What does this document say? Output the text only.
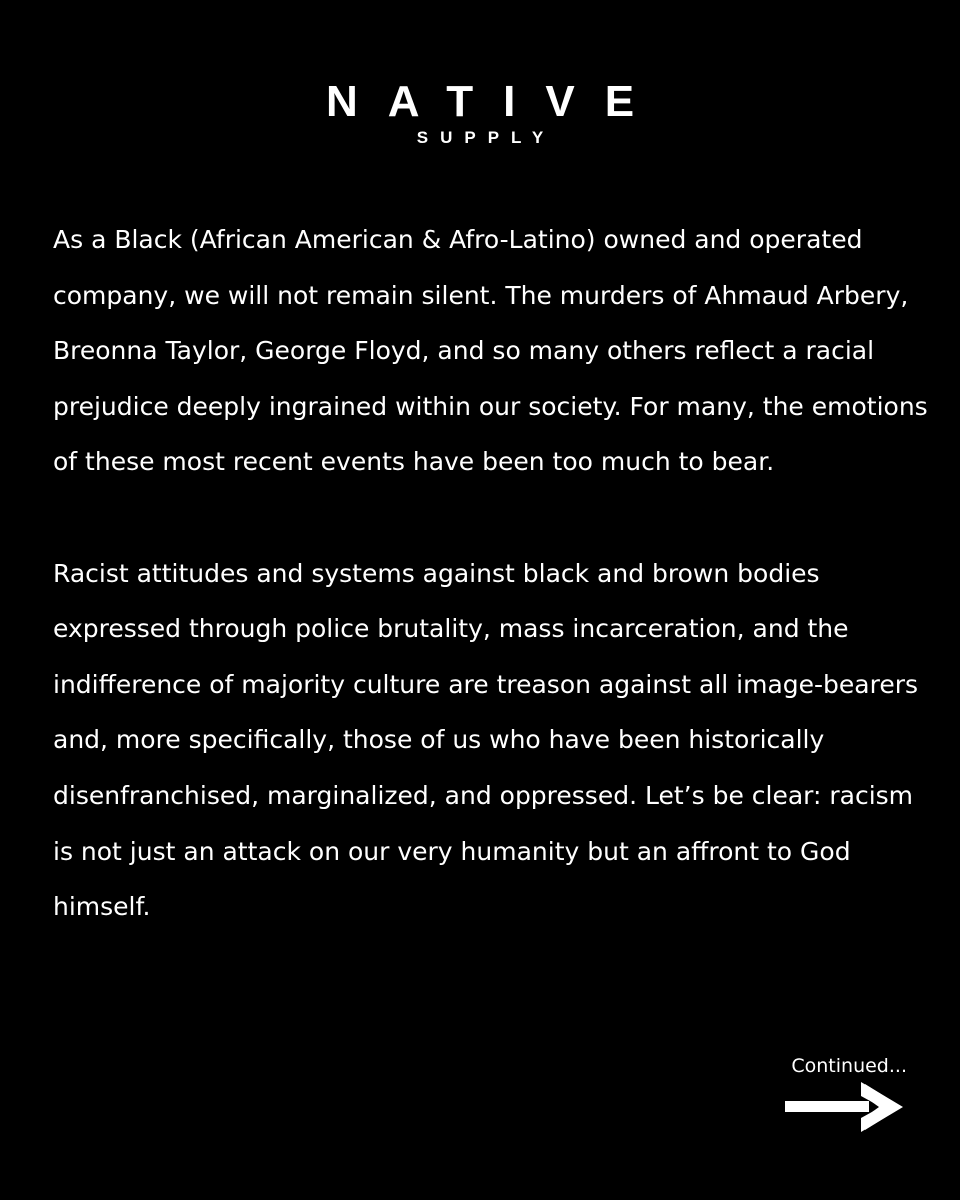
NATIVE
SUPPLY

As a Black (African American & Afro-Latino) owned and operated company, we will not remain silent. The murders of Ahmaud Arbery, Breonna Taylor, George Floyd, and so many others reflect a racial prejudice deeply ingrained within our society. For many, the emotions of these most recent events have been too much to bear.

Racist attitudes and systems against black and brown bodies expressed through police brutality, mass incarceration, and the indifference of majority culture are treason against all image-bearers and, more specifically, those of us who have been historically disenfranchised, marginalized, and oppressed. Let’s be clear: racism is not just an attack on our very humanity but an affront to God himself.

Continued...
